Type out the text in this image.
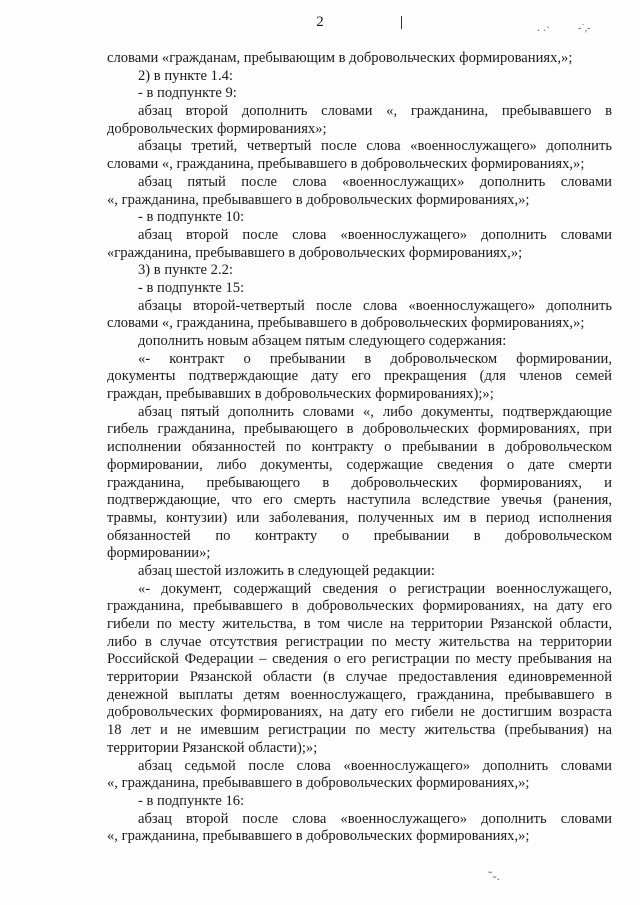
2	. .·	-˙,-
˜-.
словами «гражданам, пребывающим в добровольческих формированиях,»;
2) в пункте 1.4:
- в подпункте 9:
абзац второй дополнить словами «, гражданина, пребывавшего в
добровольческих формированиях»;
абзацы третий, четвертый после слова «военнослужащего» дополнить
словами «, гражданина, пребывавшего в добровольческих формированиях,»;
абзац пятый после слова «военнослужащих» дополнить словами
«, гражданина, пребывавшего в добровольческих формированиях,»;
- в подпункте 10:
абзац второй после слова «военнослужащего» дополнить словами
«гражданина, пребывавшего в добровольческих формированиях,»;
3) в пункте 2.2:
- в подпункте 15:
абзацы второй-четвертый после слова «военнослужащего» дополнить
словами «, гражданина, пребывавшего в добровольческих формированиях,»;
дополнить новым абзацем пятым следующего содержания:
«- контракт о пребывании в добровольческом формировании,
документы подтверждающие дату его прекращения (для членов семей
граждан, пребывавших в добровольческих формированиях);»;
абзац пятый дополнить словами «, либо документы, подтверждающие
гибель гражданина, пребывающего в добровольческих формированиях, при
исполнении обязанностей по контракту о пребывании в добровольческом
формировании, либо документы, содержащие сведения о дате смерти
гражданина, пребывающего в добровольческих формированиях, и
подтверждающие, что его смерть наступила вследствие увечья (ранения,
травмы, контузии) или заболевания, полученных им в период исполнения
обязанностей по контракту о пребывании в добровольческом
формировании»;
абзац шестой изложить в следующей редакции:
«- документ, содержащий сведения о регистрации военнослужащего,
гражданина, пребывавшего в добровольческих формированиях, на дату его
гибели по месту жительства, в том числе на территории Рязанской области,
либо в случае отсутствия регистрации по месту жительства на территории
Российской Федерации – сведения о его регистрации по месту пребывания на
территории Рязанской области (в случае предоставления единовременной
денежной выплаты детям военнослужащего, гражданина, пребывавшего в
добровольческих формированиях, на дату его гибели не достигшим возраста
18 лет и не имевшим регистрации по месту жительства (пребывания) на
территории Рязанской области);»;
абзац седьмой после слова «военнослужащего» дополнить словами
«, гражданина, пребывавшего в добровольческих формированиях,»;
- в подпункте 16:
абзац второй после слова «военнослужащего» дополнить словами
«, гражданина, пребывавшего в добровольческих формированиях,»;
